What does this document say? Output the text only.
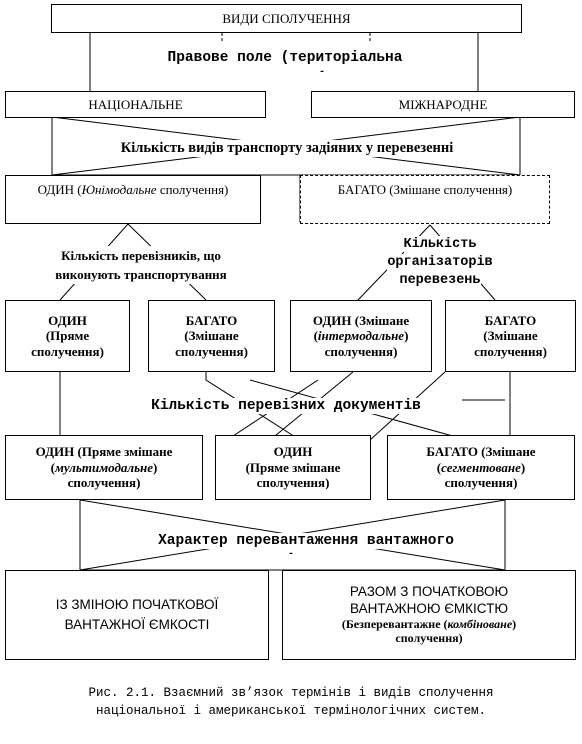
ВИДИ СПОЛУЧЕННЯ
Правове поле (територіальна
-
НАЦІОНАЛЬНЕ	МІЖНАРОДНЕ
Кількість видів транспорту задіяних у перевезенні
ОДИН (Юнімодальне сполучення)	БАГАТО (Змішане сполучення)
Кількість перевізників, що
виконують транспортування
Кількість
організаторів
перевезень
ОДИН
(Пряме
сполучення)
БАГАТО
(Змішане
сполучення)
ОДИН (Змішане
(інтермодальне)
сполучення)
БАГАТО
(Змішане
сполучення)
Кількість перевізних документів
ОДИН (Пряме змішане
(мультимодальне)
сполучення)
ОДИН
(Пряме змішане
сполучення)
БАГАТО (Змішане
(сегментоване)
сполучення)
Характер перевантаження вантажного
-
ІЗ ЗМІНОЮ ПОЧАТКОВОЇ
ВАНТАЖНОЇ ЄМКОСТІ
РАЗОМ З ПОЧАТКОВОЮ
ВАНТАЖНОЮ ЄМКІСТЮ
(Безперевантажне (комбіноване)
сполучення)
Рис. 2.1. Взаємний зв’язок термінів і видів сполучення
національної і американської термінологічних систем.
